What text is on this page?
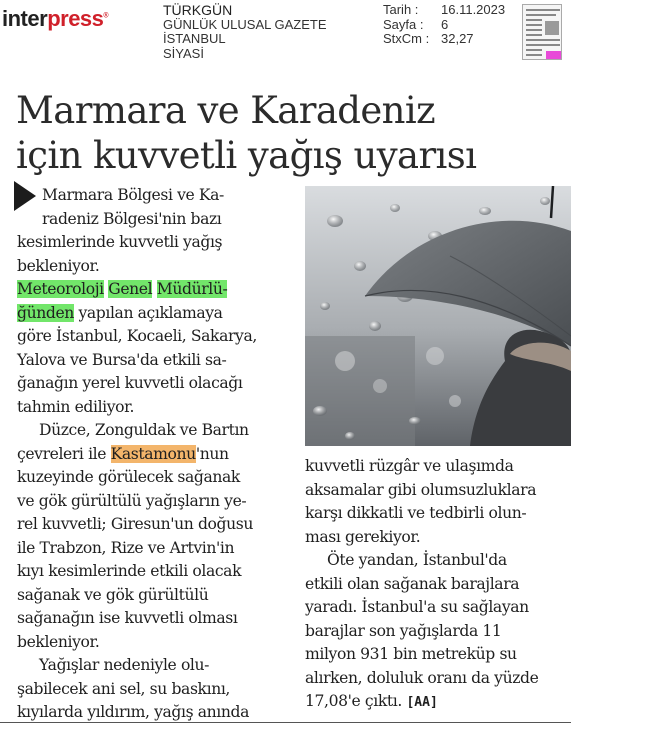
interpress®	TÜRKGÜN
GÜNLÜK ULUSAL GAZETE
İSTANBUL
SİYASİ
Tarih :	16.11.2023
Sayfa :	6
StxCm : 32,27
Marmara ve Karadeniz
için kuvvetli yağış uyarısı
Marmara Bölgesi ve Ka-
radeniz Bölgesi'nin bazı
kesimlerinde kuvvetli yağış
bekleniyor.
Meteoroloji Genel Müdürlü-
ğünden yapılan açıklamaya
göre İstanbul, Kocaeli, Sakarya,
Yalova ve Bursa'da etkili sa-
ğanağın yerel kuvvetli olacağı
tahmin ediliyor.
Düzce, Zonguldak ve Bartın
çevreleri ile Kastamonu'nun
kuzeyinde görülecek sağanak
ve gök gürültülü yağışların ye-
rel kuvvetli; Giresun'un doğusu
ile Trabzon, Rize ve Artvin'in
kıyı kesimlerinde etkili olacak
sağanak ve gök gürültülü
sağanağın ise kuvvetli olması
bekleniyor.
Yağışlar nedeniyle olu-
şabilecek ani sel, su baskını,
kıyılarda yıldırım, yağış anında
kuvvetli rüzgâr ve ulaşımda
aksamalar gibi olumsuzluklara
karşı dikkatli ve tedbirli olun-
ması gerekiyor.
Öte yandan, İstanbul'da
etkili olan sağanak barajlara
yaradı. İstanbul'a su sağlayan
barajlar son yağışlarda 11
milyon 931 bin metreküp su
alırken, doluluk oranı da yüzde
17,08'e çıktı. [AA]
